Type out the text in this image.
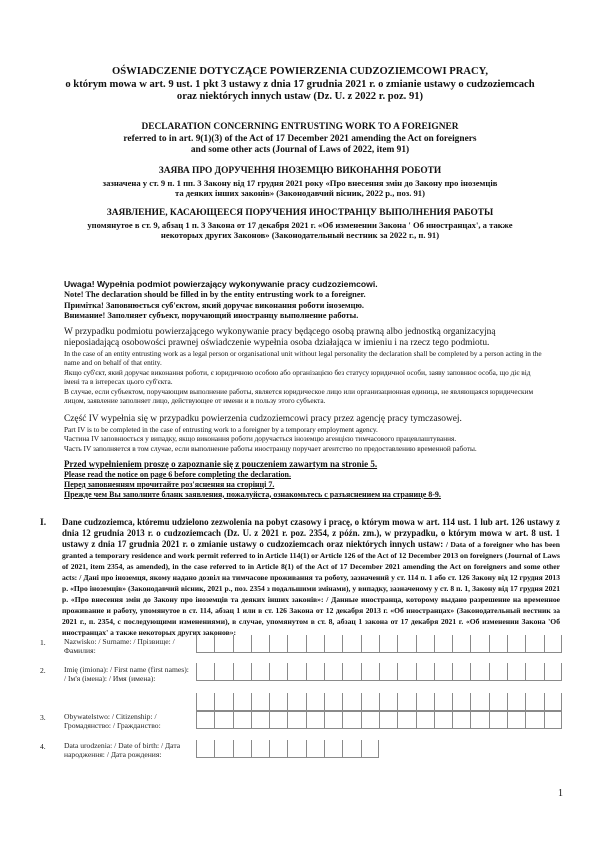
OŚWIADCZENIE DOTYCZĄCE POWIERZENIA CUDZOZIEMCOWI PRACY,
o którym mowa w art. 9 ust. 1 pkt 3 ustawy z dnia 17 grudnia 2021 r. o zmianie ustawy o cudzoziemcach
oraz niektórych innych ustaw (Dz. U. z 2022 r. poz. 91)
DECLARATION CONCERNING ENTRUSTING WORK TO A FOREIGNER
referred to in art. 9(1)(3) of the Act of 17 December 2021 amending the Act on foreigners
and some other acts (Journal of Laws of 2022, item 91)
ЗАЯВА ПРО ДОРУЧЕННЯ ІНОЗЕМЦЮ ВИКОНАННЯ РОБОТИ
зазначена у ст. 9 п. 1 пп. 3 Закону від 17 грудня 2021 року «Про внесення змін до Закону про іноземців
та деяких інших законів» (Законодавчий вісник, 2022 р., поз. 91)
ЗАЯВЛЕНИЕ, КАСАЮЩЕЕСЯ ПОРУЧЕНИЯ ИНОСТРАНЦУ ВЫПОЛНЕНИЯ РАБОТЫ
упомянутое в ст. 9, абзац 1 п. 3 Закона от 17 декабря 2021 г. «Об изменении Закона ' Об иностранцах', а также
некоторых других Законов» (Законодательный вестник за 2022 г., п. 91)
Uwaga! Wypełnia podmiot powierzający wykonywanie pracy cudzoziemcowi.
Note! The declaration should be filled in by the entity entrusting work to a foreigner.
Примітка! Заповнюється суб'єктом, який доручає виконання роботи іноземцю.
Внимание! Заполняет субъект, поручающий иностранцу выполнение работы.
W przypadku podmiotu powierzającego wykonywanie pracy będącego osobą prawną albo jednostką organizacyjną nieposiadającą osobowości prawnej oświadczenie wypełnia osoba działająca w imieniu i na rzecz tego podmiotu.
In the case of an entity entrusting work as a legal person or organisational unit without legal personality the declaration shall be completed by a person acting in the name and on behalf of that entity.
Якщо суб'єкт, який доручає виконання роботи, є юридичною особою або організацією без статусу юридичної особи, заяву заповнює особа, що діє від імені та в інтересах цього суб'єкта.
В случае, если субъектом, поручающим выполнение работы, является юридическое лицо или организационная единица, не являющаяся юридическим лицом, заявление заполняет лицо, действующее от имени и в пользу этого субъекта.
Część IV wypełnia się w przypadku powierzenia cudzoziemcowi pracy przez agencję pracy tymczasowej.
Part IV is to be completed in the case of entrusting work to a foreigner by a temporary employment agency.
Частина IV заповнюється у випадку, якщо виконання роботи доручається іноземцю агенцією тимчасового працевлаштування.
Часть IV заполняется в том случае, если выполнение работы иностранцу поручает агентство по предоставлению временной работы.
Przed wypełnieniem proszę o zapoznanie się z pouczeniem zawartym na stronie 5.
Please read the notice on page 6 before completing the declaration.
Перед заповненням прочитайте роз'яснення на сторінці 7.
Прежде чем Вы заполните бланк заявления, пожалуйста, ознакомьтесь с разъяснением на странице 8-9.
I. Dane cudzoziemca, któremu udzielono zezwolenia na pobyt czasowy i pracę, o którym mowa w art. 114 ust. 1 lub art. 126 ustawy z dnia 12 grudnia 2013 r. o cudzoziemcach (Dz. U. z 2021 r. poz. 2354, z późn. zm.), w przypadku, o którym mowa w art. 8 ust. 1 ustawy z dnia 17 grudnia 2021 r. o zmianie ustawy o cudzoziemcach oraz niektórych innych ustaw: / Data of a foreigner who has been granted a temporary residence and work permit referred to in Article 114(1) or Article 126 of the Act of 12 December 2013 on foreigners (Journal of Laws of 2021, item 2354, as amended), in the case referred to in Article 8(1) of the Act of 17 December 2021 amending the Act on foreigners and some other acts: / Дані про іноземця, якому надано дозвіл на тимчасове проживання та роботу, зазначений у ст. 114 п. 1 або ст. 126 Закону від 12 грудня 2013 р. «Про іноземців» (Законодавчий вісник, 2021 р., поз. 2354 з подальшими змінами), у випадку, зазначеному у ст. 8 п. 1, Закону від 17 грудня 2021 р. «Про внесення змін до Закону про іноземців та деяких інших законів»: / Данные иностранца, которому выдано разрешение на временное проживание и работу, упомянутое в ст. 114, абзац 1 или в ст. 126 Закона от 12 декабря 2013 г. «Об иностранцах» (Законодательный вестник за 2021 г., п. 2354, с последующими изменениями), в случае, упомянутом в ст. 8, абзац 1 закона от 17 декабря 2021 г. «Об изменении Закона 'Об иностранцах' а также некоторых других законов»:
1. Nazwisko: / Surname: / Прізвище: / Фамилия:
2. Imię (imiona): / First name (first names): / Ім'я (імена): / Имя (имена):
3. Obywatelstwo: / Citizenship: / Громадянство: / Гражданство:
4. Data urodzenia: / Date of birth: / Дата народження: / Дата рождения:
1
